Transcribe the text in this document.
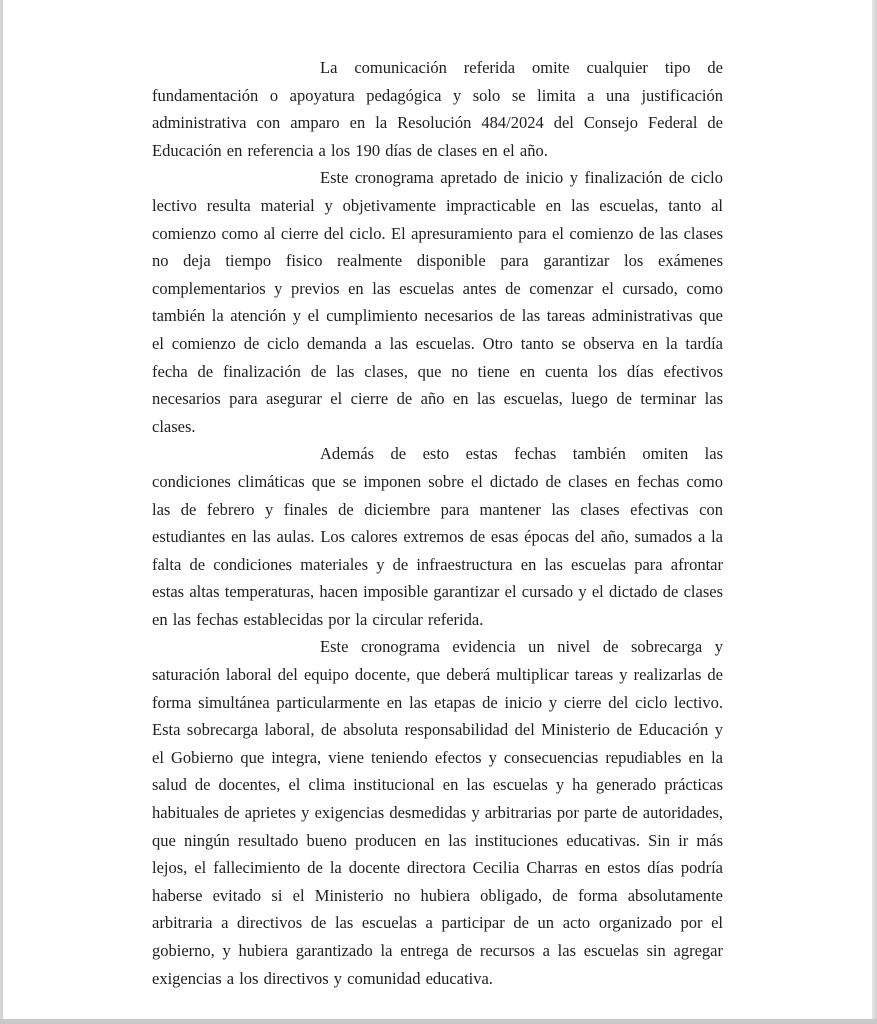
La comunicación referida omite cualquier tipo de fundamentación o apoyatura pedagógica y solo se limita a una justificación administrativa con amparo en la Resolución 484/2024 del Consejo Federal de Educación en referencia a los 190 días de clases en el año.

Este cronograma apretado de inicio y finalización de ciclo lectivo resulta material y objetivamente impracticable en las escuelas, tanto al comienzo como al cierre del ciclo. El apresuramiento para el comienzo de las clases no deja tiempo fisico realmente disponible para garantizar los exámenes complementarios y previos en las escuelas antes de comenzar el cursado, como también la atención y el cumplimiento necesarios de las tareas administrativas que el comienzo de ciclo demanda a las escuelas. Otro tanto se observa en la tardía fecha de finalización de las clases, que no tiene en cuenta los días efectivos necesarios para asegurar el cierre de año en las escuelas, luego de terminar las clases.

Además de esto estas fechas también omiten las condiciones climáticas que se imponen sobre el dictado de clases en fechas como las de febrero y finales de diciembre para mantener las clases efectivas con estudiantes en las aulas. Los calores extremos de esas épocas del año, sumados a la falta de condiciones materiales y de infraestructura en las escuelas para afrontar estas altas temperaturas, hacen imposible garantizar el cursado y el dictado de clases en las fechas establecidas por la circular referida.

Este cronograma evidencia un nivel de sobrecarga y saturación laboral del equipo docente, que deberá multiplicar tareas y realizarlas de forma simultánea particularmente en las etapas de inicio y cierre del ciclo lectivo. Esta sobrecarga laboral, de absoluta responsabilidad del Ministerio de Educación y el Gobierno que integra, viene teniendo efectos y consecuencias repudiables en la salud de docentes, el clima institucional en las escuelas y ha generado prácticas habituales de aprietes y exigencias desmedidas y arbitrarias por parte de autoridades, que ningún resultado bueno producen en las instituciones educativas. Sin ir más lejos, el fallecimiento de la docente directora Cecilia Charras en estos días podría haberse evitado si el Ministerio no hubiera obligado, de forma absolutamente arbitraria a directivos de las escuelas a participar de un acto organizado por el gobierno, y hubiera garantizado la entrega de recursos a las escuelas sin agregar exigencias a los directivos y comunidad educativa.
